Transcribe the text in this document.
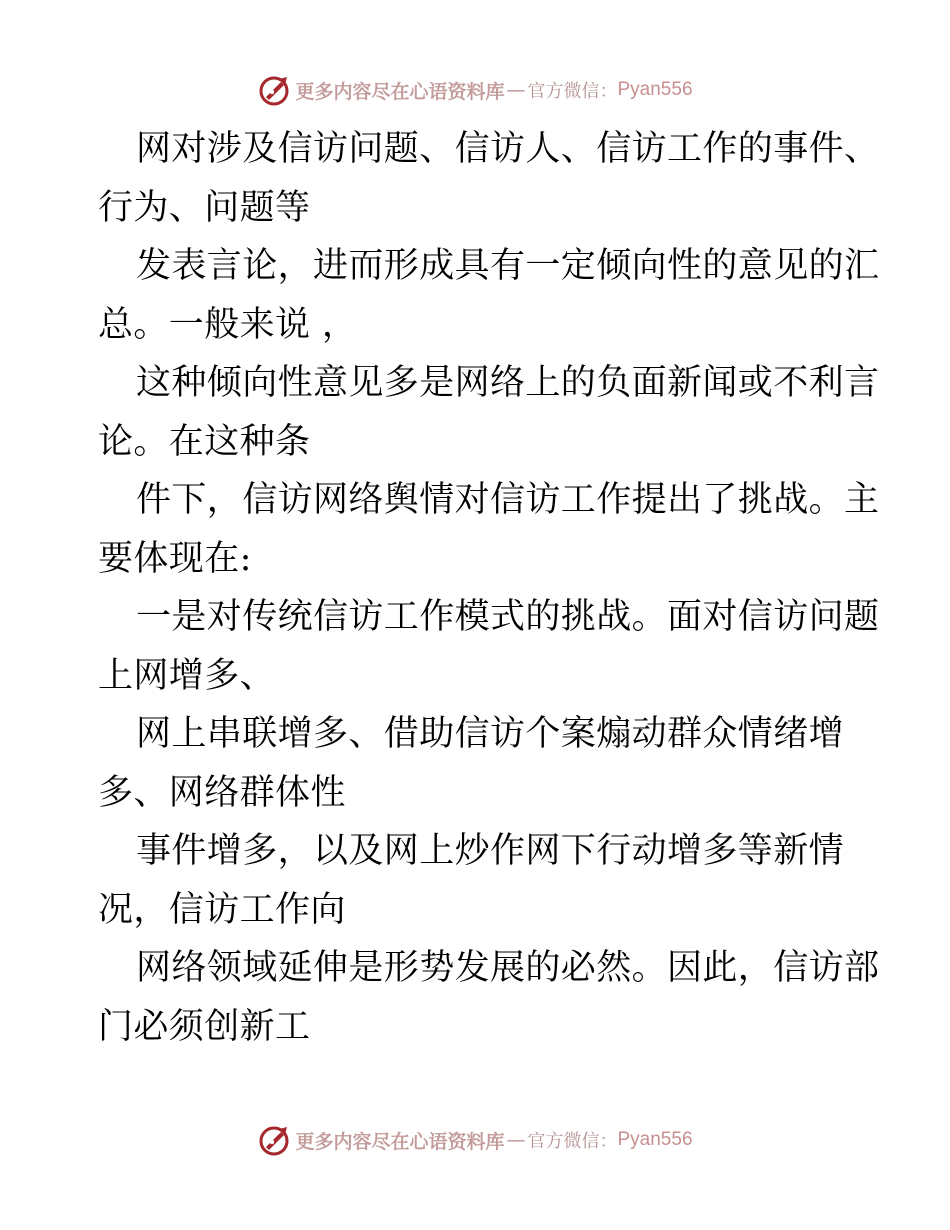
更多内容尽在心语资料库 — 官方微信： Pyan556
网对涉及信访问题、信访人、信访工作的事件、
行为、问题等
发表言论，进而形成具有一定倾向性的意见的汇
总。一般来说 ，
这种倾向性意见多是网络上的负面新闻或不利言
论。在这种条
件下，信访网络舆情对信访工作提出了挑战。主
要体现在:
一是对传统信访工作模式的挑战。面对信访问题
上网增多、
网上串联增多、借助信访个案煽动群众情绪增
多、网络群体性
事件增多，以及网上炒作网下行动增多等新情
况，信访工作向
网络领域延伸是形势发展的必然。因此，信访部
门必须创新工
更多内容尽在心语资料库 — 官方微信： Pyan556
